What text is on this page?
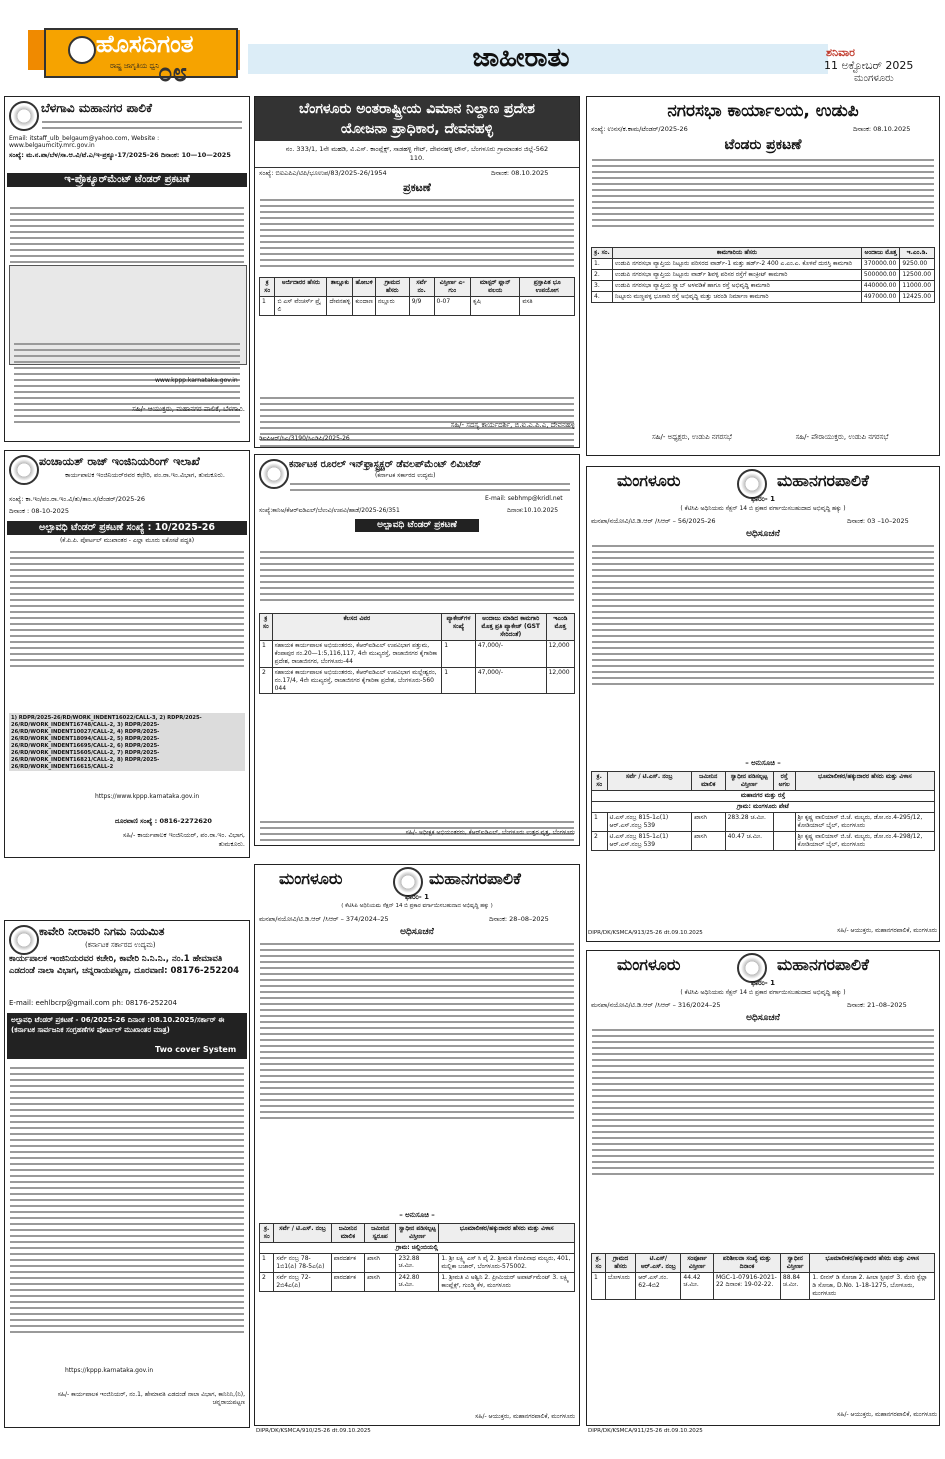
ಹೊಸದಿಗಂತ
ರಾಷ್ಟ್ರ ಜಾಗೃತಿಯ ಧ್ವನಿ
೦೮	ಜಾಹೀರಾತು	ಶನಿವಾರ
11 ಅಕ್ಟೋಬರ್ 2025
ಮಂಗಳೂರು
ಬೆಳಗಾವಿ ಮಹಾನಗರ ಪಾಲಿಕೆ
Email: itstaff_ulb_belgaum@yahoo.com, Website : www.belgaumcity.mrc.gov.in
ಸಂಖ್ಯೆ: ಮ.ನ.ಪಾ/ಬೆಳ/ಸಾ.ಆ.ವಿ/ಟೆ.ಎ/ಇ-ಪ್ರಕ್ಯೂ-17/2025-26 ದಿನಾಂಕ: 10—10—2025
ಇ-ಪ್ರೊಕ್ಯೂರ್‌ಮೆಂಟ್ ಟೆಂಡರ್ ಪ್ರಕಟಣೆ
www.kppp.karnataka.gov.in
ಸಹಿ/- ಆಯುಕ್ತರು, ಮಹಾನಗರ ಪಾಲಿಕೆ, ಬೆಳಗಾವಿ.
ಬೆಂಗಳೂರು ಅಂತರಾಷ್ಟ್ರೀಯ ವಿಮಾನ ನಿಲ್ದಾಣ ಪ್ರದೇಶ
ಯೋಜನಾ ಪ್ರಾಧಿಕಾರ, ದೇವನಹಳ್ಳಿ
ನಂ. 333/1, 1ನೇ ಮಹಡಿ, ವಿ.ಎಸ್. ಕಾಂಪ್ಲೆಕ್ಸ್, ಸಾಡಹಳ್ಳಿ ಗೇಟ್, ದೇವನಹಳ್ಳಿ ಟೌನ್, ಬೆಂಗಳೂರು ಗ್ರಾಮಾಂತರ ಜಿಲ್ಲೆ-562 110.
ಸಂಖ್ಯೆ: ಬಿಐಎಪಿಎ/ಟಿಪಿ/ಭೂಉಪ/83/2025-26/1954	ದಿನಾಂಕ: 08.10.2025
ಪ್ರಕಟಣೆ
ಕ್ರ ಸಂ	ಅರ್ಜಿದಾರರ ಹೆಸರು	ತಾಲ್ಲೂಕು	ಹೋಬಳಿ	ಗ್ರಾಮದ ಹೆಸರು	ಸರ್ವೆ ನಂ.	ವಿಸ್ತೀರ್ಣ ಎ-ಗುಂ	ಮಾಸ್ಟರ್ ಪ್ಲಾನ್ ವಲಯ	ಪ್ರಸ್ತಾಪಿತ ಭೂ ಉಪಯೋಗ
1	ಬಿ ಎಸ್ ವೆಂಚರ್ಸ್ ಪ್ರೈ ಲಿ	ದೇವನಹಳ್ಳಿ	ಕುಂದಾಣ	ನಲ್ಲೂರು	9/9	0-07	ಕೃಷಿ	ವಸತಿ
ಸಹಿ/- ಸದಸ್ಯ ಕಾರ್ಯದರ್ಶಿ, ಬಿ.ಐ.ಎ.ಪಿ.ಎ, ದೇವನಹಳ್ಳಿ
ಡಿಐಪಿಆರ್/ಸಿಎ/3190/ಸಿಎಡಿಪಿ/2025-26
ನಗರಸಭಾ ಕಾರ್ಯಾಲಯ, ಉಡುಪಿ
ಸಂಖ್ಯೆ: ಉನಸ/ಕ.ಕಾಮ/ಟೆಂಡರ್/2025-26	ದಿನಾಂಕ: 08.10.2025
ಟೆಂಡರು ಪ್ರಕಟಣೆ
ಕ್ರ. ಸಂ.	ಕಾಮಗಾರಿಯ ಹೆಸರು	ಅಂದಾಜು ಮೊತ್ತ	ಇ.ಎಂ.ಡಿ.
1.	ಉಡುಪಿ ನಗರಸಭಾ ವ್ಯಾಪ್ತಿಯ ನಿಟ್ಟೂರು ಪರಿಸರದ ವಾರ್ಡ್-1 ಮತ್ತು ಹರ್ಡ್-2 400 ಎ.ಎಂ.ಎ. ಕೊಳವೆ ದುರಸ್ತಿ ಕಾಮಗಾರಿ	370000.00	9250.00
2.	ಉಡುಪಿ ನಗರಸಭಾ ವ್ಯಾಪ್ತಿಯ ನಿಟ್ಟೂರು ವಾರ್ಡ್ ಶಿವಳ್ಳಿ ಪರಿಸರ ರಸ್ತೆಗೆ ಕಾಂಕ್ರೀಟ್ ಕಾಮಗಾರಿ	500000.00	12500.00
3.	ಉಡುಪಿ ನಗರಸಭಾ ವ್ಯಾಪ್ತಿಯ ಸ್ಲ್ಯಾಬ್ ಅಳವಡಿಕೆ ಹಾಗೂ ರಸ್ತೆ ಅಭಿವೃದ್ಧಿ ಕಾಮಗಾರಿ	440000.00	11000.00
4.	ನಿಟ್ಟೂರು ಮಣ್ಣಪಳ್ಳ ಭೂಸಾರಿ ರಸ್ತೆ ಅಭಿವೃದ್ಧಿ ಮತ್ತು ಚರಂಡಿ ನಿರ್ಮಾಣ ಕಾಮಗಾರಿ	497000.00	12425.00
ಸಹಿ/- ಅಧ್ಯಕ್ಷರು, ಉಡುಪಿ ನಗರಸಭೆ	ಸಹಿ/- ಪೌರಾಯುಕ್ತರು, ಉಡುಪಿ ನಗರಸಭೆ
ಪಂಚಾಯತ್ ರಾಜ್ ಇಂಜಿನಿಯರಿಂಗ್ ಇಲಾಖೆ
ಕಾರ್ಯಪಾಲಕ ಇಂಜಿನಿಯರ್‌ರವರ ಕಛೇರಿ, ಪಂ.ರಾ.ಇಂ.ವಿಭಾಗ, ತುಮಕೂರು.
ಸಂಖ್ಯೆ: ಕಾ.ಇಂ/ಪಂ.ರಾ.ಇಂ.ವಿ/ತು/ತಾಂ.ಸ/ಟೆಂಡರ್/2025-26
ದಿನಾಂಕ : 08-10-2025
ಅಲ್ಪಾವಧಿ ಟೆಂಡರ್ ಪ್ರಕಟಣೆ ಸಂಖ್ಯೆ : 10/2025-26
(ಕೆ.ಪಿ.ಪಿ. ಪೋರ್ಟಲ್ ಮುಖಾಂತರ - ಎಲ್ಲಾ ಮೂರು ಲಕೋಟೆ ಪದ್ಧತಿ)
1) RDPR/2025-26/RD/WORK_INDENT16022/CALL-3, 2) RDPR/2025-26/RD/WORK_INDENT16748/CALL-2, 3) RDPR/2025-26/RD/WORK_INDENT10027/CALL-2, 4) RDPR/2025-26/RD/WORK_INDENT18094/CALL-2, 5) RDPR/2025-26/RD/WORK_INDENT16695/CALL-2, 6) RDPR/2025-26/RD/WORK_INDENT15605/CALL-2, 7) RDPR/2025-26/RD/WORK_INDENT16821/CALL-2, 8) RDPR/2025-26/RD/WORK_INDENT16615/CALL-2
https://www.kppp.karnataka.gov.in
ದೂರವಾಣಿ ಸಂಖ್ಯೆ : 0816-2272620
ಸಹಿ/- ಕಾರ್ಯಪಾಲಕ ಇಂಜಿನಿಯರ್, ಪಂ.ರಾ.ಇಂ. ವಿಭಾಗ, ತುಮಕೂರು.
ಕರ್ನಾಟಕ ರೂರಲ್ ಇನ್‌ಫ್ರಾಸ್ಟ್ರಕ್ಚರ್ ಡೆವಲಪ್‌ಮೆಂಟ್ ಲಿಮಿಟೆಡ್
(ಕರ್ನಾಟಕ ಸರ್ಕಾರದ ಉದ್ಯಮ)
E-mail: sebhmp@kridl.net
ಸಂಖ್ಯೆ:ಕಾನಿಅ/ಕೆಆರ್‌ಐಡಿಎಲ್/ಬೆಉವಿ/ಉಪವಿ/ಹಾಡೆ/2025-26/351	ದಿನಾಂಕ:10.10.2025
ಅಲ್ಪಾವಧಿ ಟೆಂಡರ್ ಪ್ರಕಟಣೆ
ಕ್ರ ಸಂ	ಕೆಲಸದ ವಿವರ	ಪ್ಯಾಕೇಜ್‌ಗಳ ಸಂಖ್ಯೆ	ಅಂದಾಜು ಮಾಡಿದ ಕಾಮಗಾರಿ ಮೊತ್ತ ಪ್ರತಿ ಪ್ಯಾಕೇಜ್ (GST ಸೇರಿದಂತೆ)	ಇಎಂಡಿ ಮೊತ್ತ
1	ಸಹಾಯಕ ಕಾರ್ಯಪಾಲಕ ಅಭಿಯಂತರರು, ಕೆಆರ್‌ಐಡಿಎಲ್ ಉಪವಿಭಾಗ ಪತ್ತುಮ, ಕೆಂಪಾಪುರ ನಂ.20—1:5,116,117, 4ನೇ ಮುಖ್ಯರಸ್ತೆ, ರಾಜಾಜಿನಗರ ಕೈಗಾರಿಕಾ ಪ್ರದೇಶ, ರಾಜಾಜಿನಗರ, ಬೆಂಗಳೂರು-44	1	47,000/-	12,000
2	ಸಹಾಯಕ ಕಾರ್ಯಪಾಲಕ ಅಭಿಯಂತರರು, ಕೆಆರ್‌ಐಡಿಎಲ್ ಉಪವಿಭಾಗ ಮಲ್ಲೇಶ್ವರಂ, ನಂ.17/4, 4ನೇ ಮುಖ್ಯರಸ್ತೆ, ರಾಜಾಜಿನಗರ ಕೈಗಾರಿಕಾ ಪ್ರದೇಶ, ಬೆಂಗಳೂರು-560 044	1	47,000/-	12,000
ಸಹಿ/- ಅಧೀಕ್ಷಕ ಅಭಿಯಂತರರು, ಕೆಆರ್‌ಐಡಿಎಲ್, ಬೆಂಗಳೂರು ಉತ್ತರ ವೃತ್ತ, ಬೆಂಗಳೂರು
ಮಂಗಳೂರು	ಮಹಾನಗರಪಾಲಿಕೆ
ಫಾರಂ- 1
( ಕೆಟಿಸಿಪಿ ಅಧಿನಿಯಮ ಸೆಕ್ಷನ್ 14 ಬಿ ಪ್ರಕಾರ ವರ್ಗಾಯಿಸಬಹುದಾದ ಅಭಿವೃದ್ಧಿ ಹಕ್ಕು )
ಮನಪಾ/ನಯೋವಿ/ಟಿ.ಡಿ.ಆರ್ /ಸಿಆರ್ – 56/2025-26	ದಿನಾಂಕ: 03 –10–2025
ಅಧಿಸೂಚನೆ
– ಅನುಸೂಚಿ –
ಕ್ರ. ಸಂ	ಸರ್ವೆ / ಟಿ.ಎಸ್. ನಂಬ್ರ	ಜಮೀನಿನ ಮಾಲಿಕ	ಸ್ವಾಧೀನ ಪಡಿಸಲ್ಪಟ್ಟ ವಿಸ್ತೀರ್ಣ	ರಸ್ತೆ ಅಗಲ	ಭೂಮಾಲೀಕರ/ಹಕ್ಕುದಾರರ ಹೆಸರು ಮತ್ತು ವಿಳಾಸ
ಮಹಾನಗರ ಮತ್ತು ರಸ್ತೆ					
ಗ್ರಾಮ: ಮಂಗಳೂರು ಪೇಟೆ					
1	ಟಿ.ಎಸ್.ನಂಬ್ರ 815-1ಎ(1) ಆರ್.ಎಸ್.ನಂಬ್ರ 539	ಖಾಸಗಿ	283.28 ಚ.ಮೀ.		ಶ್ರೀ ಕೃಷ್ಣ ವಾಲಿಯಾಸ್ ಜಿ.ಜೆ. ಮಲ್ಯರು, ಡೋ.ನಂ.4-295/12, ಕೋಡಿಯಾಲ್ ಬೈಲ್, ಮಂಗಳೂರು
2	ಟಿ.ಎಸ್.ನಂಬ್ರ 815-1ಎ(1) ಆರ್.ಎಸ್.ನಂಬ್ರ 539	ಖಾಸಗಿ	40.47 ಚ.ಮೀ.		ಶ್ರೀ ಕೃಷ್ಣ ವಾಲಿಯಾಸ್ ಜಿ.ಜೆ. ಮಲ್ಯರು, ಡೋ.ನಂ.4-298/12, ಕೋಡಿಯಾಲ್ ಬೈಲ್, ಮಂಗಳೂರು
ಸಹಿ/- ಆಯುಕ್ತರು, ಮಹಾನಗರಪಾಲಿಕೆ, ಮಂಗಳೂರು
DIPR/DK/KSMCA/913/25-26 dt.09.10.2025
ಮಂಗಳೂರು	ಮಹಾನಗರಪಾಲಿಕೆ
ಫಾರಂ- 1
( ಕೆಟಿಸಿಪಿ ಅಧಿನಿಯಮ ಸೆಕ್ಷನ್ 14 ಬಿ ಪ್ರಕಾರ ವರ್ಗಾಯಿಸಬಹುದಾದ ಅಭಿವೃದ್ಧಿ ಹಕ್ಕು )
ಮನಪಾ/ನಯೋವಿ/ಟಿ.ಡಿ.ಆರ್ /ಸಿಆರ್ – 374/2024–25	ದಿನಾಂಕ: 28–08–2025
ಅಧಿಸೂಚನೆ
– ಅನುಸೂಚಿ –
ಕ್ರ. ಸಂ	ಸರ್ವೆ / ಟಿ.ಎಸ್. ನಂಬ್ರ	ಜಮೀನಿನ ಮಾಲಿಕ	ಜಮೀನಿನ ಸ್ವರೂಪ	ಸ್ವಾಧೀನ ಪಡಿಸಲ್ಪಟ್ಟ ವಿಸ್ತೀರ್ಣ	ಭೂಮಾಲೀಕರ/ಹಕ್ಕುದಾರರ ಹೆಸರು ಮತ್ತು ವಿಳಾಸ
ಗ್ರಾಮ: ಚಿಲ್ಲಿಂಬಿಯಲ್ಲಿ					
1	ಸರ್ವೆ ನಂಬ್ರ 78-1ಬಿ1(ಪಿ) 78-5ಎ(ಪಿ)	ಪಾರದರ್ಶಕ	ಖಾಸಗಿ	232.88 ಚ.ಮೀ.	1. ಶ್ರೀ ಲಕ್ಷ್ಮಿ ಎಸ್ ಸಿ ಪೈ 2. ಶ್ರೀಮತಿ ಗೋಪಿನಾಥ ಮಲ್ಯರು, 401, ಮಲ್ಲಿಕಾ ಬಜಾರ್, ಬೆಂಗಳೂರು-575002.
2	ಸರ್ವೆ ನಂಬ್ರ 72-2ಬಿ4ಎ(ಪಿ)	ಪಾರದರ್ಶಕ	ಖಾಸಗಿ	242.80 ಚ.ಮೀ.	1. ಶ್ರೀಮತಿ ವಿ ಅಶ್ವಿನಿ 2. ಪ್ರೀಮಿಯರ್ ಅಪಾರ್ಟ್‌ಮೆಂಟ್ 3. ಲಕ್ಷ್ಮಿ ಕಾಂಪ್ಲೆಕ್ಸ್, ಗುಂಡ್ಮಿ ಕೆಳ, ಮಂಗಳೂರು
ಸಹಿ/- ಆಯುಕ್ತರು, ಮಹಾನಗರಪಾಲಿಕೆ, ಮಂಗಳೂರು
DIPR/DK/KSMCA/910/25-26 dt.09.10.2025
ಮಂಗಳೂರು	ಮಹಾನಗರಪಾಲಿಕೆ
ಫಾರಂ- 1
( ಕೆಟಿಸಿಪಿ ಅಧಿನಿಯಮ ಸೆಕ್ಷನ್ 14 ಬಿ ಪ್ರಕಾರ ವರ್ಗಾಯಿಸಬಹುದಾದ ಅಭಿವೃದ್ಧಿ ಹಕ್ಕು )
ಮನಪಾ/ನಯೋವಿ/ಟಿ.ಡಿ.ಆರ್ /ಸಿಆರ್ – 316/2024–25	ದಿನಾಂಕ: 21–08–2025
ಅಧಿಸೂಚನೆ
ಕ್ರ. ಸಂ	ಗ್ರಾಮದ ಹೆಸರು	ಟಿ.ಎಸ್/ ಆರ್.ಎಸ್. ನಂಬ್ರ	ಸಂಪೂರ್ಣ ವಿಸ್ತೀರ್ಣ	ಪರಿಶೀಲನಾ ಸಂಖ್ಯೆ ಮತ್ತು ದಿನಾಂಕ	ಸ್ವಾಧೀನ ವಿಸ್ತೀರ್ಣ	ಭೂಮಾಲೀಕರ/ಹಕ್ಕುದಾರರ ಹೆಸರು ಮತ್ತು ವಿಳಾಸ
1	ಬೋಳೂರು	ಆರ್.ಎಸ್.ನಂ. 62-4ಬಿ2	44.42 ಚ.ಮೀ.	MGC-1-07916-2021-22 ದಿನಾಂಕ: 19-02-22.	88.84 ಚ.ಮೀ.	1. ಲೀನಸ್ ಡಿ ಸೋಜಾ 2. ಹೀಲಾ ಸ್ಟೀಫನ್ 3. ಮೇರಿ ಸ್ಟೆಲ್ಲಾ ಡಿ ಸೋಜಾ, D.No. 1-18-1275, ಬೋಳೂರು, ಮಂಗಳೂರು
ಸಹಿ/- ಆಯುಕ್ತರು, ಮಹಾನಗರಪಾಲಿಕೆ, ಮಂಗಳೂರು
DIPR/DK/KSMCA/911/25-26 dt.09.10.2025
ಕಾವೇರಿ ನೀರಾವರಿ ನಿಗಮ ನಿಯಮಿತ
(ಕರ್ನಾಟಕ ಸರ್ಕಾರದ ಉದ್ಯಮ)
ಕಾರ್ಯಪಾಲಕ ಇಂಜಿನಿಯರವರ ಕಚೇರಿ, ಕಾವೇರಿ ನಿ.ನಿ.ನಿ., ನಂ.1 ಹೇಮಾವತಿ ಎಡದಂಡೆ ನಾಲಾ ವಿಭಾಗ, ಚನ್ನರಾಯಪಟ್ಟಣ, ದೂರವಾಣಿ: 08176-252204
E-mail: eehlbcrp@gmail.com ph: 08176-252204
ಅಲ್ಪಾವಧಿ ಟೆಂಡರ್ ಪ್ರಕಟಣೆ - 06/2025-26 ದಿನಾಂಕ :08.10.2025/ಸರ್ಕಾರ್ ಈ (ಕರ್ನಾಟಕ ಸಾರ್ವಜನಿಕ ಸಂಗ್ರಹಣೆಗಳ ಪೋರ್ಟಲ್ ಮುಖಾಂತರ ಮಾತ್ರ)
Two cover System
https://kppp.karnataka.gov.in
ಸಹಿ/- ಕಾರ್ಯಪಾಲಕ ಇಂಜಿನಿಯರ್, ನಂ.1, ಹೇಮಾವತಿ ಎಡದಂಡೆ ನಾಲಾ ವಿಭಾಗ, ಕಾನಿನಿನಿ,(ನಿ), ಚನ್ನರಾಯಪಟ್ಟಣ
